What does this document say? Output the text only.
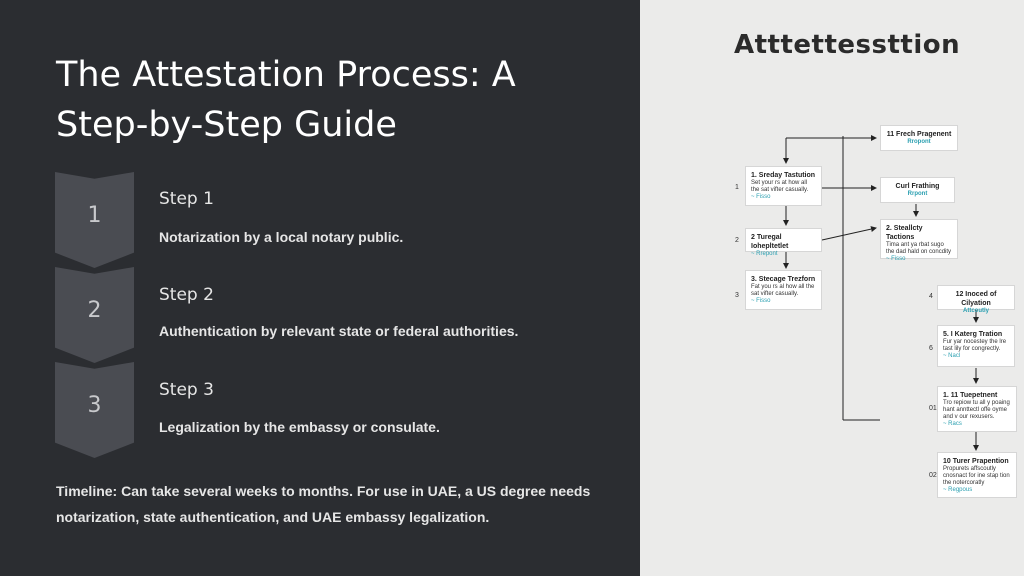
The Attestation Process: A Step-by-Step Guide
1
Step 1
Notarization by a local notary public.
2
Step 2
Authentication by relevant state or federal authorities.
3
Step 3
Legalization by the embassy or consulate.
Timeline: Can take several weeks to months. For use in UAE, a US degree needs notarization, state authentication, and UAE embassy legalization.
Atttettessttion
11 Frech Pragenent
Rropont
1. Sreday Tastution
Set your rs at how all the sat vifter casually.
~ Fisso
Curl Frathing
Rrpont
2. Steallcty Tactions
Tima ant ya rbat sugo the dad hald on concdity
~ Fisso
2 Turegal Iohepltetlet
~ Rrepont
3. Stecage Trezforn
Fat you rs al how all the sat vifter casually.
~ Fisso
12 Inoced of Cilyation
Attcoutly
5. I Katerg Tration
Fur yar nocestey the lre tast lily for congrectly.
~ Nacl
1. 11 Tuepetnent
Tro repiow tu all y poaing hant annttectl offe oyme and v our rexusers.
~ Racs
10 Turer Prapention
Propurets affscoutly cnosnact for ine stap tion the notercoratly
~ Regpous
1
2
3	4
6
01
02
